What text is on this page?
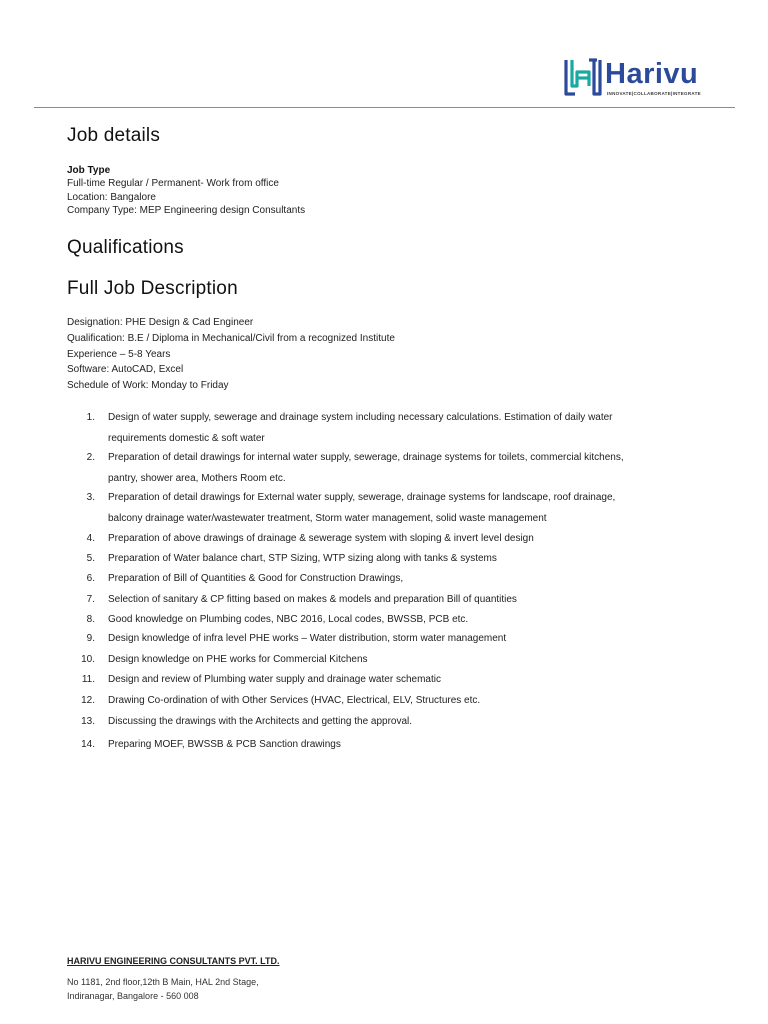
Harivu
INNOVATE|COLLABORATE|INTEGRATE
Job details
Job Type
Full-time Regular / Permanent- Work from office
Location: Bangalore
Company Type: MEP Engineering design Consultants
Qualifications
Full Job Description
Designation: PHE Design & Cad Engineer
Qualification: B.E / Diploma in Mechanical/Civil from a recognized Institute
Experience – 5-8 Years
Software: AutoCAD, Excel
Schedule of Work: Monday to Friday
1. Design of water supply, sewerage and drainage system including necessary calculations. Estimation of daily water
requirements domestic & soft water
2. Preparation of detail drawings for internal water supply, sewerage, drainage systems for toilets, commercial kitchens,
pantry, shower area, Mothers Room etc.
3. Preparation of detail drawings for External water supply, sewerage, drainage systems for landscape, roof drainage,
balcony drainage water/wastewater treatment, Storm water management, solid waste management
4. Preparation of above drawings of drainage & sewerage system with sloping & invert level design
5. Preparation of Water balance chart, STP Sizing, WTP sizing along with tanks & systems
6. Preparation of Bill of Quantities & Good for Construction Drawings,
7. Selection of sanitary & CP fitting based on makes & models and preparation Bill of quantities
8. Good knowledge on Plumbing codes, NBC 2016, Local codes, BWSSB, PCB etc.
9. Design knowledge of infra level PHE works – Water distribution, storm water management
10. Design knowledge on PHE works for Commercial Kitchens
11. Design and review of Plumbing water supply and drainage water schematic
12. Drawing Co-ordination of with Other Services (HVAC, Electrical, ELV, Structures etc.
13. Discussing the drawings with the Architects and getting the approval.
14. Preparing MOEF, BWSSB & PCB Sanction drawings
HARIVU ENGINEERING CONSULTANTS PVT. LTD.
No 1181, 2nd floor,12th B Main, HAL 2nd Stage,
Indiranagar, Bangalore - 560 008
